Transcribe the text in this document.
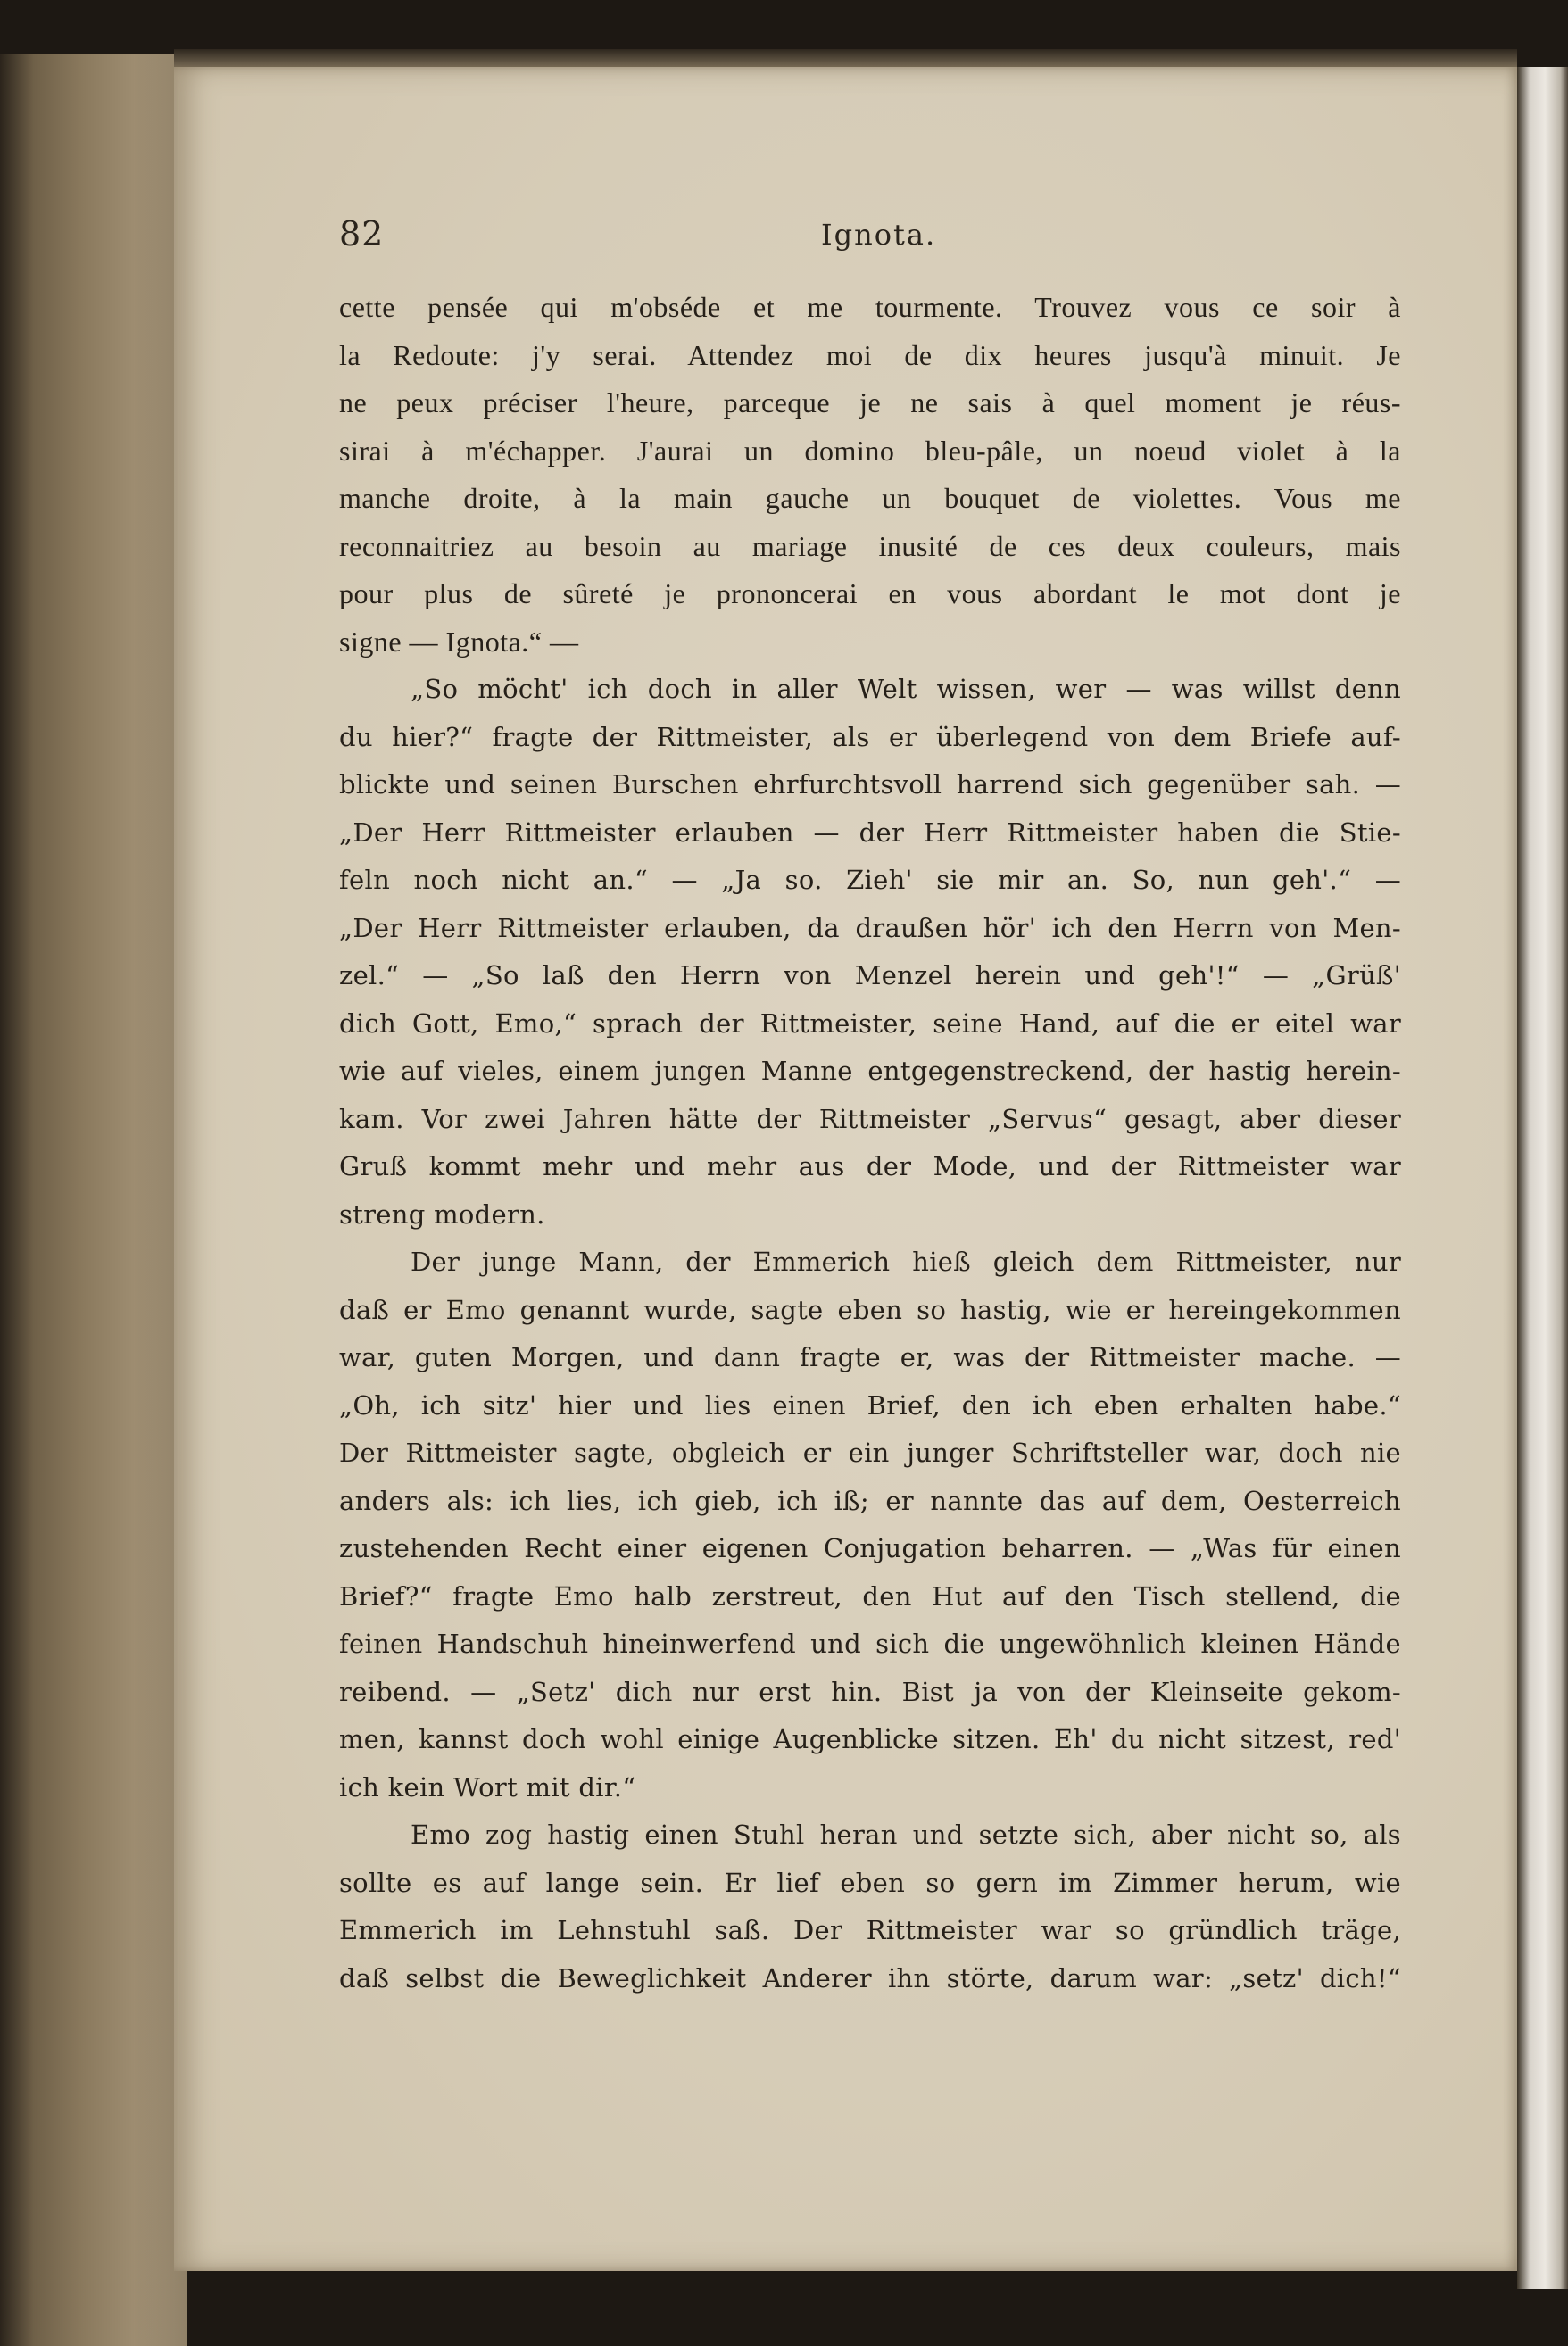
82	Ignota.
cette pensée qui m'obséde et me tourmente. Trouvez vous ce soir à
la Redoute: j'y serai. Attendez moi de dix heures jusqu'à minuit. Je
ne peux préciser l'heure, parceque je ne sais à quel moment je réus-
sirai à m'échapper. J'aurai un domino bleu-pâle, un noeud violet à la
manche droite, à la main gauche un bouquet de violettes. Vous me
reconnaitriez au besoin au mariage inusité de ces deux couleurs, mais
pour plus de sûreté je prononcerai en vous abordant le mot dont je
signe — Ignota.“ —
„So möcht' ich doch in aller Welt wissen, wer — was willst denn
du hier?“ fragte der Rittmeister, als er überlegend von dem Briefe auf-
blickte und seinen Burschen ehrfurchtsvoll harrend sich gegenüber sah. —
„Der Herr Rittmeister erlauben — der Herr Rittmeister haben die Stie-
feln noch nicht an.“ — „Ja so. Zieh' sie mir an. So, nun geh'.“ —
„Der Herr Rittmeister erlauben, da draußen hör' ich den Herrn von Men-
zel.“ — „So laß den Herrn von Menzel herein und geh'!“ — „Grüß'
dich Gott, Emo,“ sprach der Rittmeister, seine Hand, auf die er eitel war
wie auf vieles, einem jungen Manne entgegenstreckend, der hastig herein-
kam. Vor zwei Jahren hätte der Rittmeister „Servus“ gesagt, aber dieser
Gruß kommt mehr und mehr aus der Mode, und der Rittmeister war
streng modern.
Der junge Mann, der Emmerich hieß gleich dem Rittmeister, nur
daß er Emo genannt wurde, sagte eben so hastig, wie er hereingekommen
war, guten Morgen, und dann fragte er, was der Rittmeister mache. —
„Oh, ich sitz' hier und lies einen Brief, den ich eben erhalten habe.“
Der Rittmeister sagte, obgleich er ein junger Schriftsteller war, doch nie
anders als: ich lies, ich gieb, ich iß; er nannte das auf dem, Oesterreich
zustehenden Recht einer eigenen Conjugation beharren. — „Was für einen
Brief?“ fragte Emo halb zerstreut, den Hut auf den Tisch stellend, die
feinen Handschuh hineinwerfend und sich die ungewöhnlich kleinen Hände
reibend. — „Setz' dich nur erst hin. Bist ja von der Kleinseite gekom-
men, kannst doch wohl einige Augenblicke sitzen. Eh' du nicht sitzest, red'
ich kein Wort mit dir.“
Emo zog hastig einen Stuhl heran und setzte sich, aber nicht so, als
sollte es auf lange sein. Er lief eben so gern im Zimmer herum, wie
Emmerich im Lehnstuhl saß. Der Rittmeister war so gründlich träge,
daß selbst die Beweglichkeit Anderer ihn störte, darum war: „setz' dich!“
